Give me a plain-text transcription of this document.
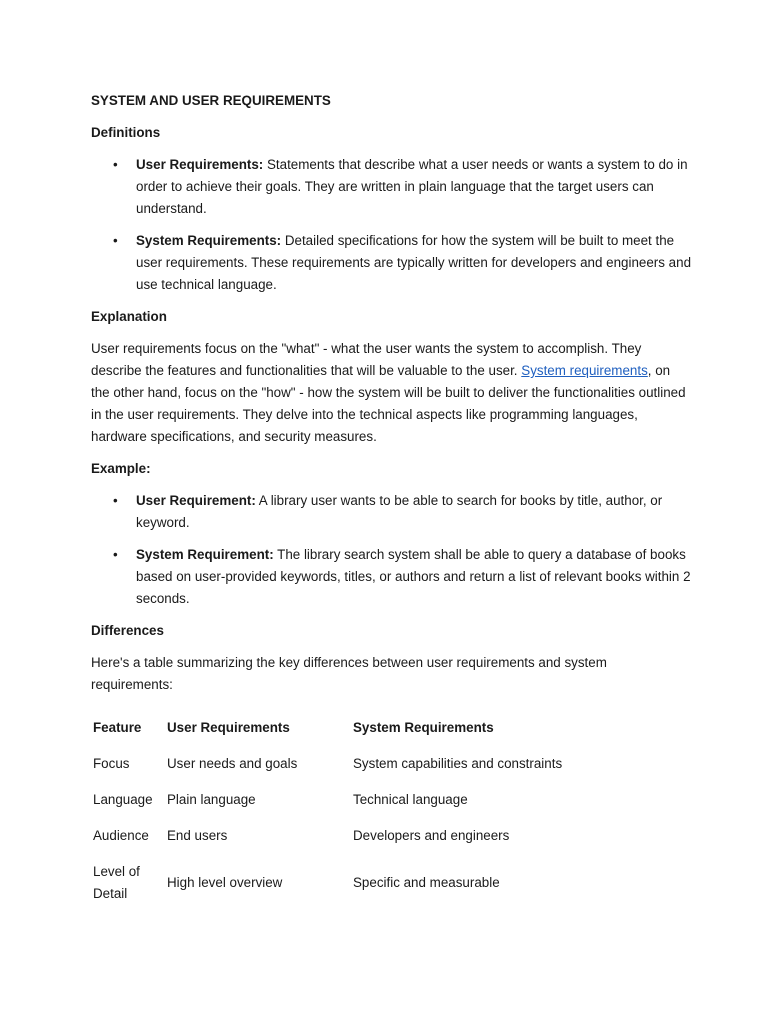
SYSTEM AND USER REQUIREMENTS
Definitions
• User Requirements: Statements that describe what a user needs or wants a system to do in order to achieve their goals. They are written in plain language that the target users can understand.
• System Requirements: Detailed specifications for how the system will be built to meet the user requirements. These requirements are typically written for developers and engineers and use technical language.
Explanation

User requirements focus on the "what" - what the user wants the system to accomplish. They describe the features and functionalities that will be valuable to the user. System requirements, on the other hand, focus on the "how" - how the system will be built to deliver the functionalities outlined in the user requirements. They delve into the technical aspects like programming languages, hardware specifications, and security measures.

Example:
• User Requirement: A library user wants to be able to search for books by title, author, or keyword.
• System Requirement: The library search system shall be able to query a database of books based on user-provided keywords, titles, or authors and return a list of relevant books within 2 seconds.
Differences

Here's a table summarizing the key differences between user requirements and system requirements:

Feature	User Requirements	System Requirements
Focus	User needs and goals	System capabilities and constraints
Language	Plain language	Technical language
Audience	End users	Developers and engineers
Level of Detail	High level overview	Specific and measurable
